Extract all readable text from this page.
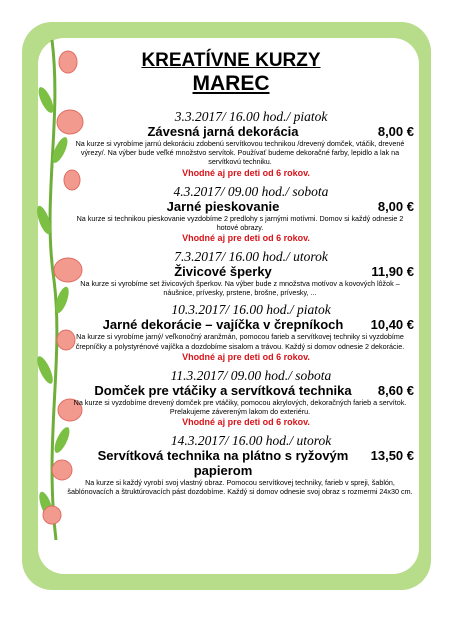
KREATÍVNE KURZY
MAREC
3.3.2017/ 16.00 hod./ piatok
Závesná jarná dekorácia	8,00 €
Na kurze si vyrobíme jarnú dekoráciu zdobenú servítkovou technikou /drevený domček, vtáčik, drevené výrezy/. Na výber bude veľké množstvo servítok. Používať budeme dekoračné farby, lepidlo a lak na servítkovú techniku.
Vhodné aj pre deti od 6 rokov.
4.3.2017/ 09.00 hod./ sobota
Jarné pieskovanie	8,00 €
Na kurze si technikou pieskovanie vyzdobíme 2 predlohy s jarnými motívmi. Domov si každý odnesie 2 hotové obrazy.
Vhodné aj pre deti od 6 rokov.
7.3.2017/ 16.00 hod./ utorok
Živicové šperky	11,90 €
Na kurze si vyrobíme set živicových šperkov. Na výber bude z množstva motívov a kovových lôžok – náušnice, prívesky, prstene, brošne, prívesky, ...
10.3.2017/ 16.00 hod./ piatok
Jarné dekorácie – vajíčka v črepníkoch	10,40 €
Na kurze si vyrobíme jarný/ veľkonočný aranžmán, pomocou farieb a servítkovej techniky si vyzdobíme črepníčky a polystyrénové vajíčka a dozdobíme sisalom a trávou. Každý si domov odnesie 2 dekorácie.
Vhodné aj pre deti od 6 rokov.
11.3.2017/ 09.00 hod./ sobota
Domček pre vtáčiky a servítková technika	8,60 €
Na kurze si vyzdobíme drevený domček pre vtáčiky, pomocou akrylových, dekoračných farieb a servítok. Prelakujeme závereným lakom do exteriéru.
Vhodné aj pre deti od 6 rokov.
14.3.2017/ 16.00 hod./ utorok
Servítková technika na plátno s ryžovým papierom
13,50 €
Na kurze si každý vyrobí svoj vlastný obraz. Pomocou servítkovej techniky, farieb v spreji, šablón, šablónovacích a štruktúrovacích pást dozdobíme. Každý si domov odnesie svoj obraz s rozmermi 24x30 cm.
